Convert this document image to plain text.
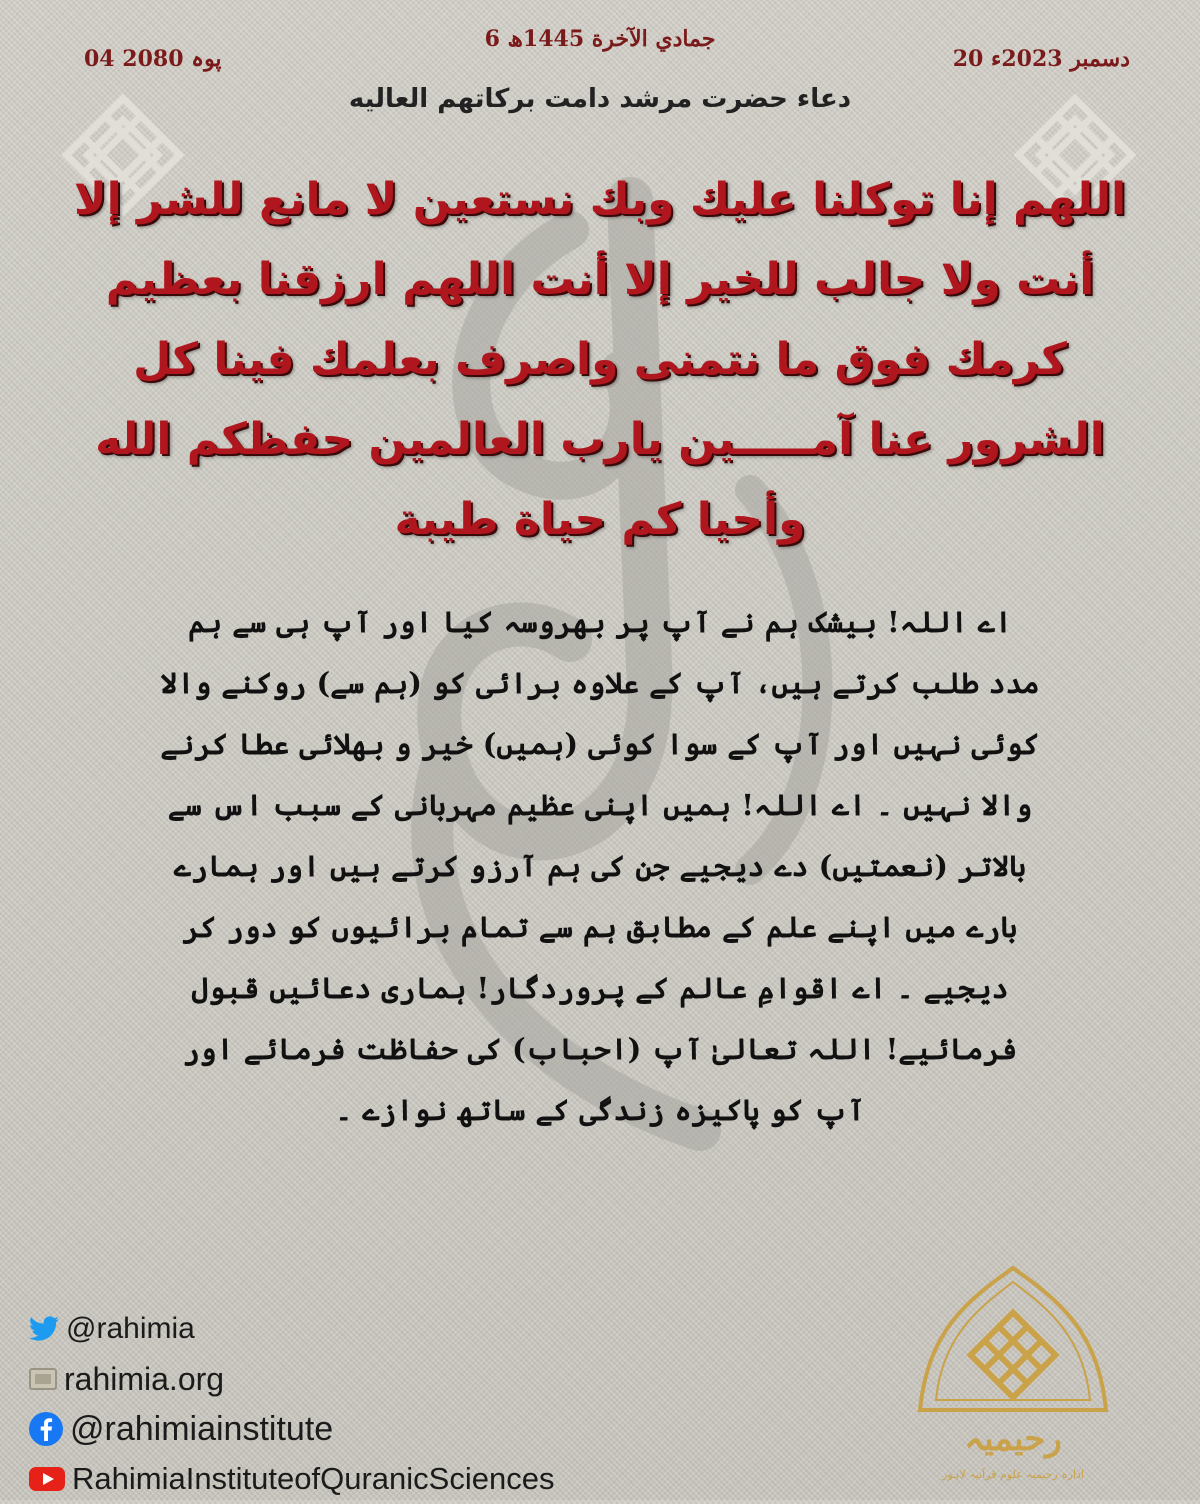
6 جمادي الآخرة 1445ھ
20 دسمبر 2023ء
04 پوہ 2080
دعاء حضرت مرشد دامت بركاتهم العاليه
اللهم إنا توكلنا عليك وبك نستعين لا مانع للشر إلا أنت ولا جالب للخير إلا أنت اللهم ارزقنا بعظيم كرمك فوق ما نتمنى واصرف بعلمك فينا كل الشرور عنا آمـــــين يارب العالمين حفظكم الله وأحيا كم حياة طيبة
اے اللہ! بیشک ہم نے آپ پر بھروسہ کیا اور آپ ہی سے ہم مدد طلب کرتے ہیں، آپ کے علاوہ برائی کو (ہم سے) روکنے والا کوئی نہیں اور آپ کے سوا کوئی (ہمیں) خیر و بھلائی عطا کرنے والا نہیں ۔ اے اللہ! ہمیں اپنی عظیم مہربانی کے سبب اس سے بالاتر (نعمتیں) دے دیجیے جن کی ہم آرزو کرتے ہیں اور ہمارے بارے میں اپنے علم کے مطابق ہم سے تمام برائیوں کو دور کر دیجیے ۔ اے اقوامِ عالم کے پروردگار! ہماری دعائیں قبول فرمائیے! اللہ تعالیٰ آپ (احباب) کی حفاظت فرمائے اور آپ کو پاکیزہ زندگی کے ساتھ نوازے ۔
@rahimia
rahimia.org
@rahimiainstitute
RahimiaInstituteofQuranicSciences
رحیمیہ
ادارہ رحیمیہ علوم قرآنیہ لاہور
